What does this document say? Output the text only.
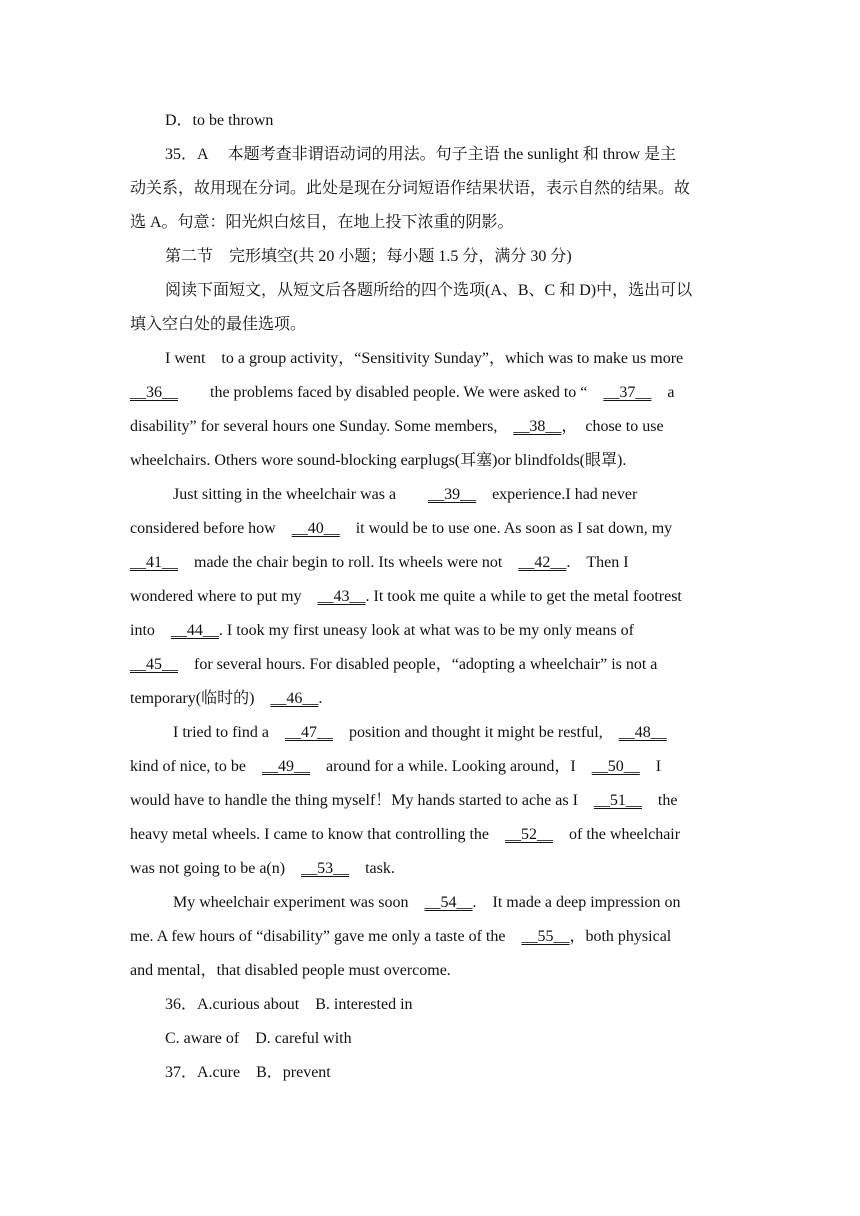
D．to be thrown
35．A　 本题考查非谓语动词的用法。句子主语 the sunlight 和 throw 是主
动关系，故用现在分词。此处是现在分词短语作结果状语，表示自然的结果。故
选 A。句意：阳光炽白炫目，在地上投下浓重的阴影。
第二节　完形填空(共 20 小题；每小题 1.5 分，满分 30 分)
阅读下面短文，从短文后各题所给的四个选项(A、B、C 和 D)中，选出可以
填入空白处的最佳选项。
I went　to a group activity，“Sensitivity Sunday”，which was to make us more
__36__　　the problems faced by disabled people. We were asked to “　__37__　a
disability” for several hours one Sunday. Some members,　__38__，　chose to use
wheelchairs. Others wore sound-blocking earplugs(耳塞)or blindfolds(眼罩).
Just sitting in the wheelchair was a　　__39__　experience.I had never
considered before how　__40__　it would be to use one. As soon as I sat down, my
__41__　made the chair begin to roll. Its wheels were not　__42__.　Then I
wondered where to put my　__43__. It took me quite a while to get the metal footrest
into　__44__. I took my first uneasy look at what was to be my only means of
__45__　for several hours. For disabled people，“adopting a wheelchair” is not a
temporary(临时的)　__46__.
I tried to find a　__47__　position and thought it might be restful,　__48__
kind of nice, to be　__49__　around for a while. Looking around，I　__50__　I
would have to handle the thing myself！My hands started to ache as I　__51__　the
heavy metal wheels. I came to know that controlling the　__52__　of the wheelchair
was not going to be a(n)　__53__　task.
My wheelchair experiment was soon　__54__.　It made a deep impression on
me. A few hours of “disability” gave me only a taste of the　__55__，both physical
and mental，that disabled people must overcome.
36．A.curious about　B. interested in
C. aware of　D. careful with
37．A.cure　B．prevent
